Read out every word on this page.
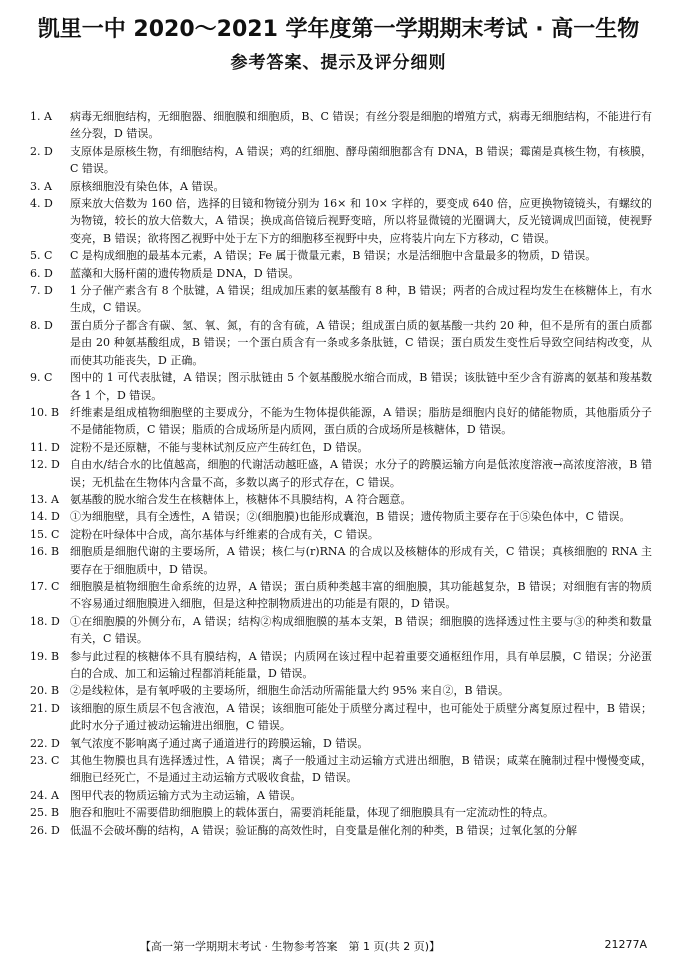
凯里一中 2020～2021 学年度第一学期期末考试 · 高一生物
参考答案、提示及评分细则
1. A	病毒无细胞结构，无细胞器、细胞膜和细胞质，B、C 错误；有丝分裂是细胞的增殖方式，病毒无细胞结构，不能进行有丝分裂，D 错误。
2. D	支原体是原核生物，有细胞结构，A 错误；鸡的红细胞、酵母菌细胞都含有 DNA，B 错误；霉菌是真核生物，有核膜，C 错误。
3. A	原核细胞没有染色体，A 错误。
4. D	原来放大倍数为 160 倍，选择的目镜和物镜分别为 16× 和 10× 字样的，要变成 640 倍，应更换物镜镜头，有螺纹的为物镜，较长的放大倍数大，A 错误；换成高倍镜后视野变暗，所以将显微镜的光圈调大，反光镜调成凹面镜，使视野变亮，B 错误；欲将图乙视野中处于左下方的细胞移至视野中央，应将装片向左下方移动，C 错误。
5. C	C 是构成细胞的最基本元素，A 错误；Fe 属于微量元素，B 错误；水是活细胞中含量最多的物质，D 错误。
6. D	蓝藻和大肠杆菌的遗传物质是 DNA，D 错误。
7. D	1 分子催产素含有 8 个肽键，A 错误；组成加压素的氨基酸有 8 种，B 错误；两者的合成过程均发生在核糖体上，有水生成，C 错误。
8. D	蛋白质分子都含有碳、氢、氧、氮，有的含有硫，A 错误；组成蛋白质的氨基酸一共约 20 种，但不是所有的蛋白质都是由 20 种氨基酸组成，B 错误；一个蛋白质含有一条或多条肽链，C 错误；蛋白质发生变性后导致空间结构改变，从而使其功能丧失，D 正确。
9. C	图中的 1 可代表肽键，A 错误；图示肽链由 5 个氨基酸脱水缩合而成，B 错误；该肽链中至少含有游离的氨基和羧基数各 1 个，D 错误。
10. B 纤维素是组成植物细胞壁的主要成分，不能为生物体提供能源，A 错误；脂肪是细胞内良好的储能物质，其他脂质分子不是储能物质，C 错误；脂质的合成场所是内质网，蛋白质的合成场所是核糖体，D 错误。
11. D 淀粉不是还原糖，不能与斐林试剂反应产生砖红色，D 错误。
12. D 自由水/结合水的比值越高，细胞的代谢活动越旺盛，A 错误；水分子的跨膜运输方向是低浓度溶液→高浓度溶液，B 错误；无机盐在生物体内含量不高，多数以离子的形式存在，C 错误。
13. A	氨基酸的脱水缩合发生在核糖体上，核糖体不具膜结构，A 符合题意。
14. D ①为细胞壁，具有全透性，A 错误；②(细胞膜)也能形成囊泡，B 错误；遗传物质主要存在于⑤染色体中，C 错误。
15. C 淀粉在叶绿体中合成，高尔基体与纤维素的合成有关，C 错误。
16. B 细胞质是细胞代谢的主要场所，A 错误；核仁与(r)RNA 的合成以及核糖体的形成有关，C 错误；真核细胞的 RNA 主要存在于细胞质中，D 错误。
17. C 细胞膜是植物细胞生命系统的边界，A 错误；蛋白质种类越丰富的细胞膜，其功能越复杂，B 错误；对细胞有害的物质不容易通过细胞膜进入细胞，但是这种控制物质进出的功能是有限的，D 错误。
18. D ①在细胞膜的外侧分布，A 错误；结构②构成细胞膜的基本支架，B 错误；细胞膜的选择透过性主要与③的种类和数量有关，C 错误。
19. B 参与此过程的核糖体不具有膜结构，A 错误；内质网在该过程中起着重要交通枢纽作用，具有单层膜，C 错误；分泌蛋白的合成、加工和运输过程都消耗能量，D 错误。
20. B ②是线粒体，是有氧呼吸的主要场所，细胞生命活动所需能量大约 95% 来自②，B 错误。
21. D 该细胞的原生质层不包含液泡，A 错误；该细胞可能处于质壁分离过程中，也可能处于质壁分离复原过程中，B 错误；此时水分子通过被动运输进出细胞，C 错误。
22. D 氧气浓度不影响离子通过离子通道进行的跨膜运输，D 错误。
23. C 其他生物膜也具有选择透过性，A 错误；离子一般通过主动运输方式进出细胞，B 错误；咸菜在腌制过程中慢慢变咸，细胞已经死亡，不是通过主动运输方式吸收食盐，D 错误。
24. A	图甲代表的物质运输方式为主动运输，A 错误。
25. B 胞吞和胞吐不需要借助细胞膜上的载体蛋白，需要消耗能量，体现了细胞膜具有一定流动性的特点。
26. D 低温不会破坏酶的结构，A 错误；验证酶的高效性时，自变量是催化剂的种类，B 错误；过氧化氢的分解
【高一第一学期期末考试 · 生物参考答案　第 1 页(共 2 页)】	21277A
